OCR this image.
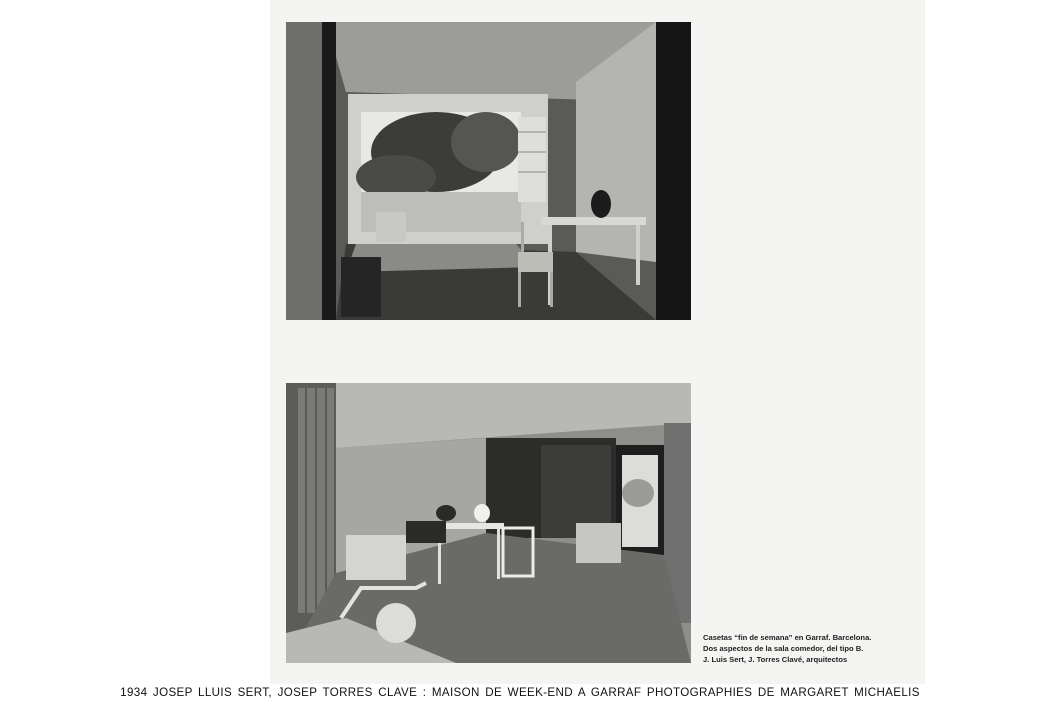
Casetas “fin de semana” en Garraf. Barcelona.
Dos aspectos de la sala comedor, del tipo B.
J. Luis Sert, J. Torres Clavé, arquitectos
1934 JOSEP LLUIS SERT, JOSEP TORRES CLAVE : MAISON DE WEEK-END A GARRAF PHOTOGRAPHIES DE MARGARET MICHAELIS
